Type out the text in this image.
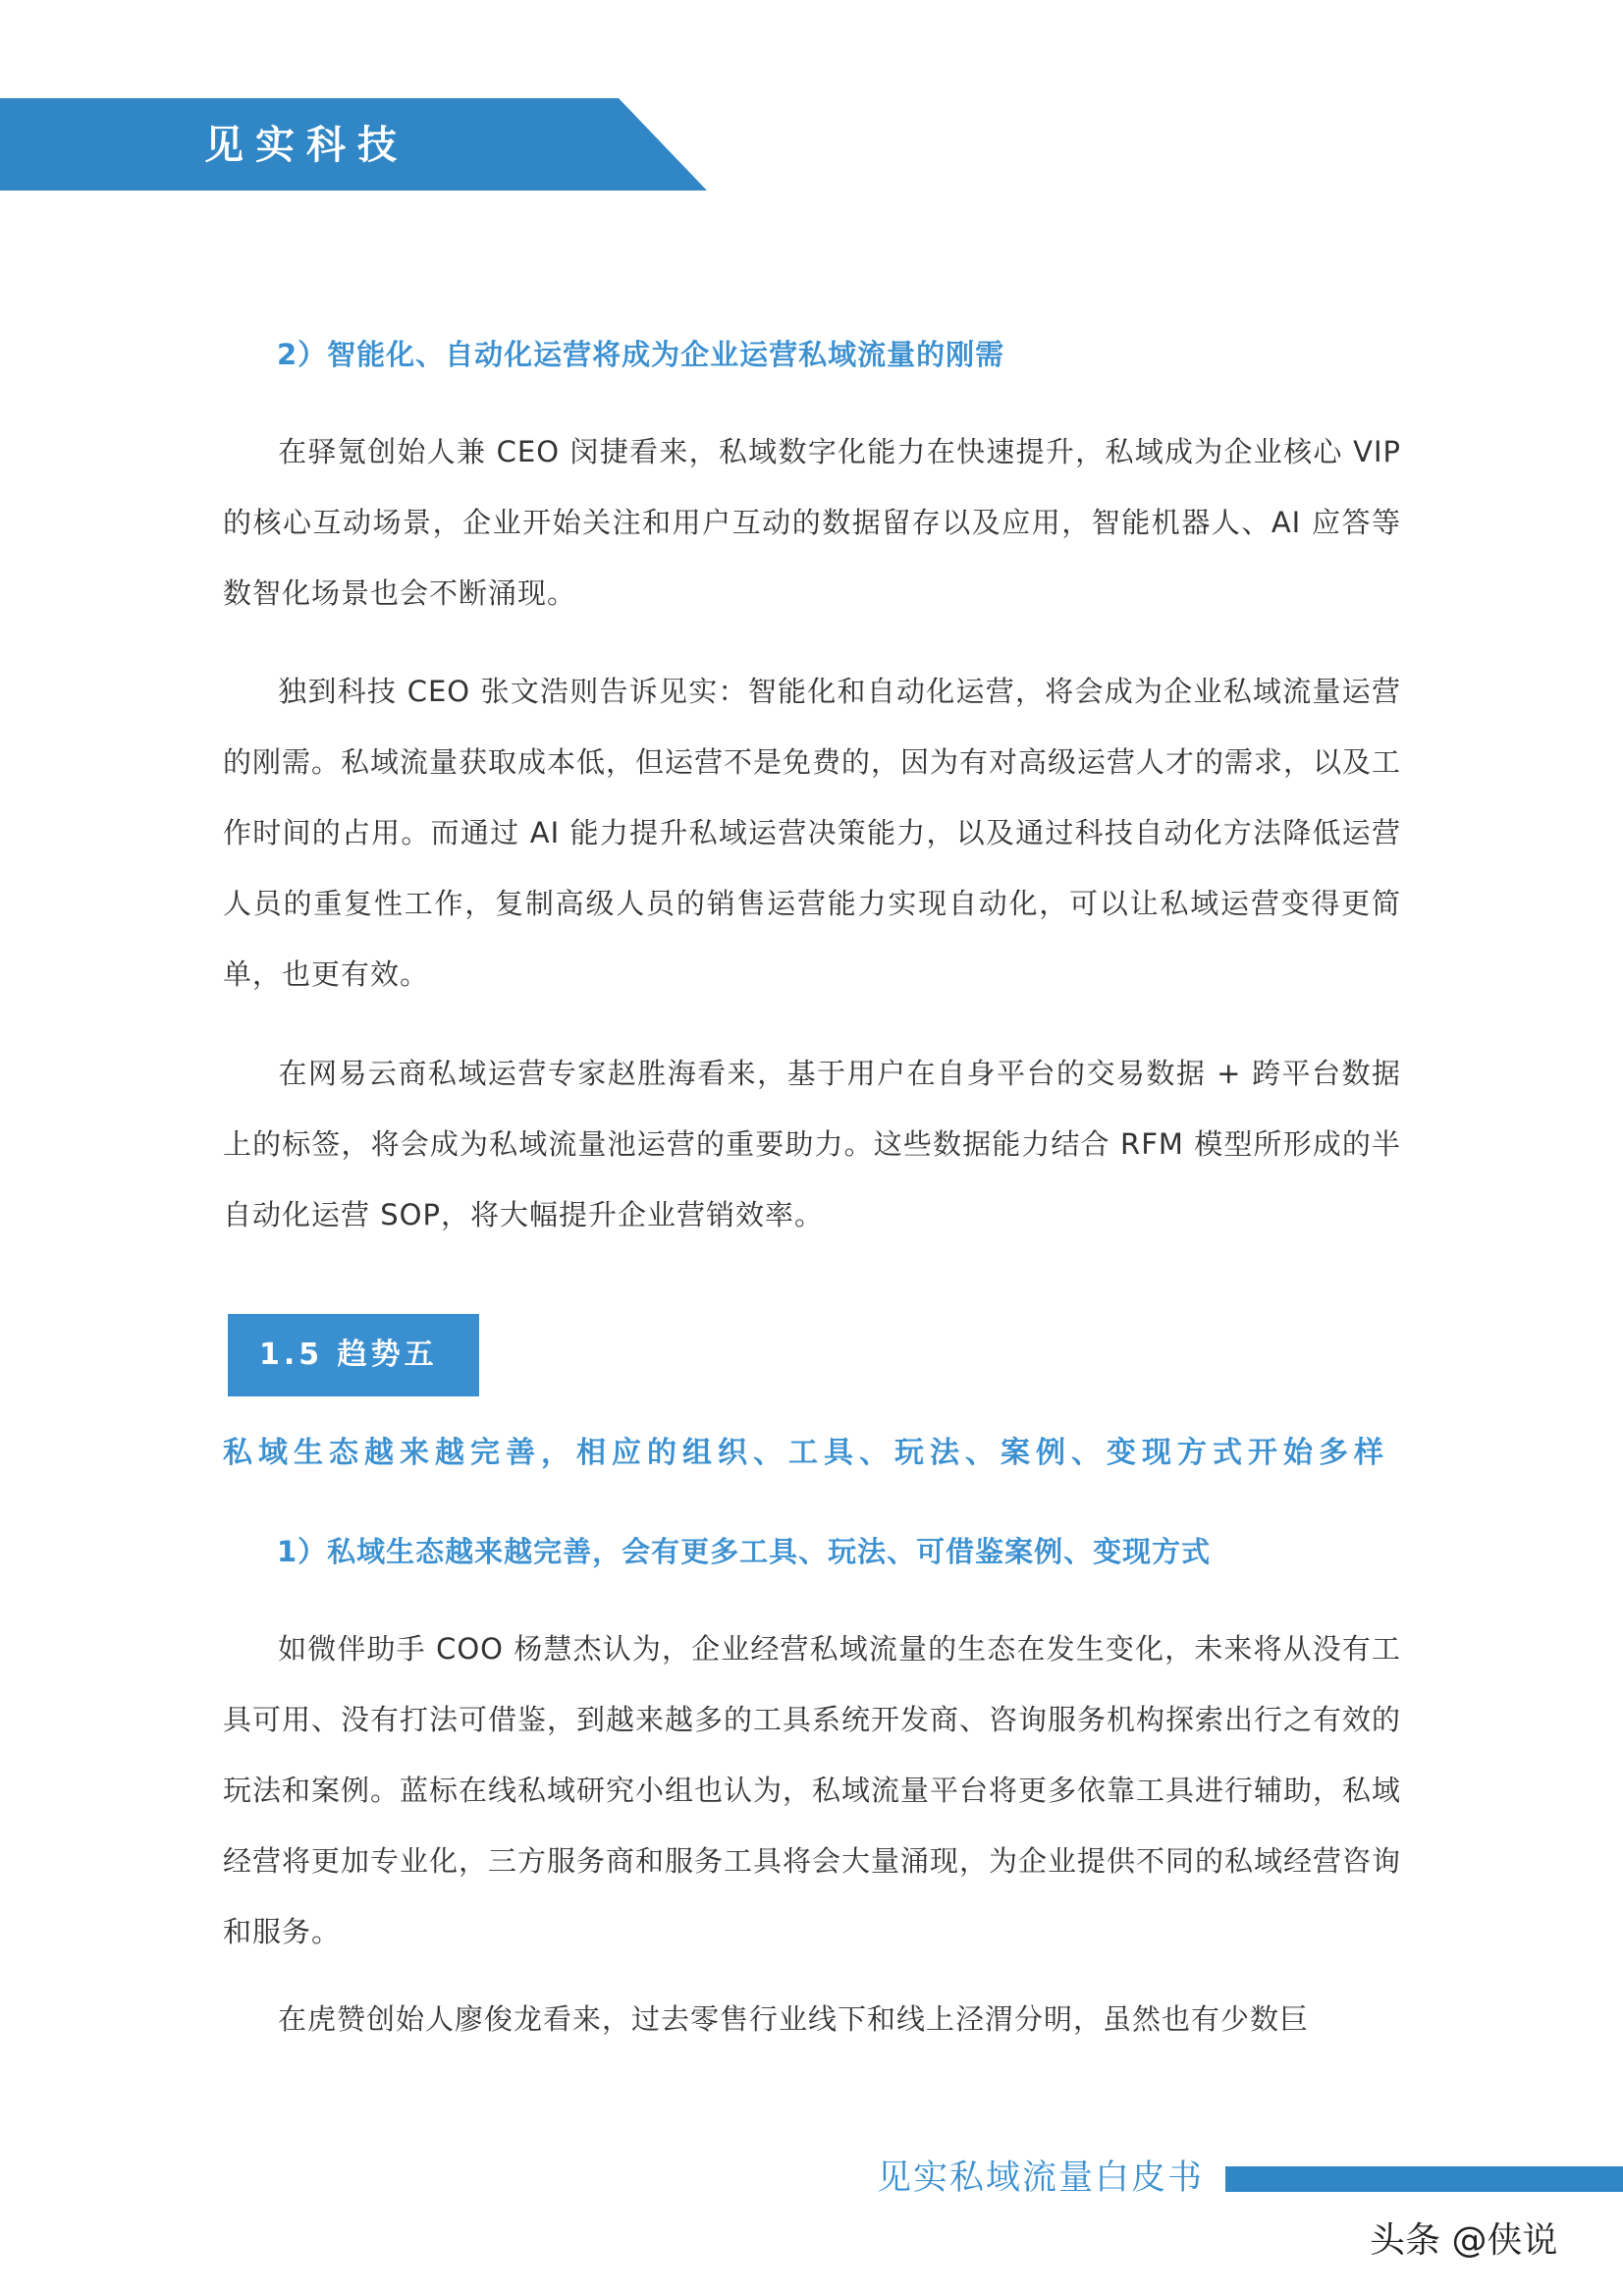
见实科技
2）智能化、自动化运营将成为企业运营私域流量的刚需

在驿氪创始人兼 CEO 闵捷看来，私域数字化能力在快速提升，私域成为企业核心 VIP 的核心互动场景，企业开始关注和用户互动的数据留存以及应用，智能机器人、AI 应答等数智化场景也会不断涌现。

独到科技 CEO 张文浩则告诉见实：智能化和自动化运营，将会成为企业私域流量运营的刚需。私域流量获取成本低，但运营不是免费的，因为有对高级运营人才的需求，以及工作时间的占用。而通过 AI 能力提升私域运营决策能力，以及通过科技自动化方法降低运营人员的重复性工作，复制高级人员的销售运营能力实现自动化，可以让私域运营变得更简单，也更有效。

在网易云商私域运营专家赵胜海看来，基于用户在自身平台的交易数据 + 跨平台数据上的标签，将会成为私域流量池运营的重要助力。这些数据能力结合 RFM 模型所形成的半自动化运营 SOP，将大幅提升企业营销效率。

1.5 趋势五
私域生态越来越完善，相应的组织、工具、玩法、案例、变现方式开始多样
1）私域生态越来越完善，会有更多工具、玩法、可借鉴案例、变现方式

如微伴助手 COO 杨慧杰认为，企业经营私域流量的生态在发生变化，未来将从没有工具可用、没有打法可借鉴，到越来越多的工具系统开发商、咨询服务机构探索出行之有效的玩法和案例。蓝标在线私域研究小组也认为，私域流量平台将更多依靠工具进行辅助，私域经营将更加专业化，三方服务商和服务工具将会大量涌现，为企业提供不同的私域经营咨询和服务。

在虎赞创始人廖俊龙看来，过去零售行业线下和线上泾渭分明，虽然也有少数巨

见实私域流量白皮书
头条 @侠说
